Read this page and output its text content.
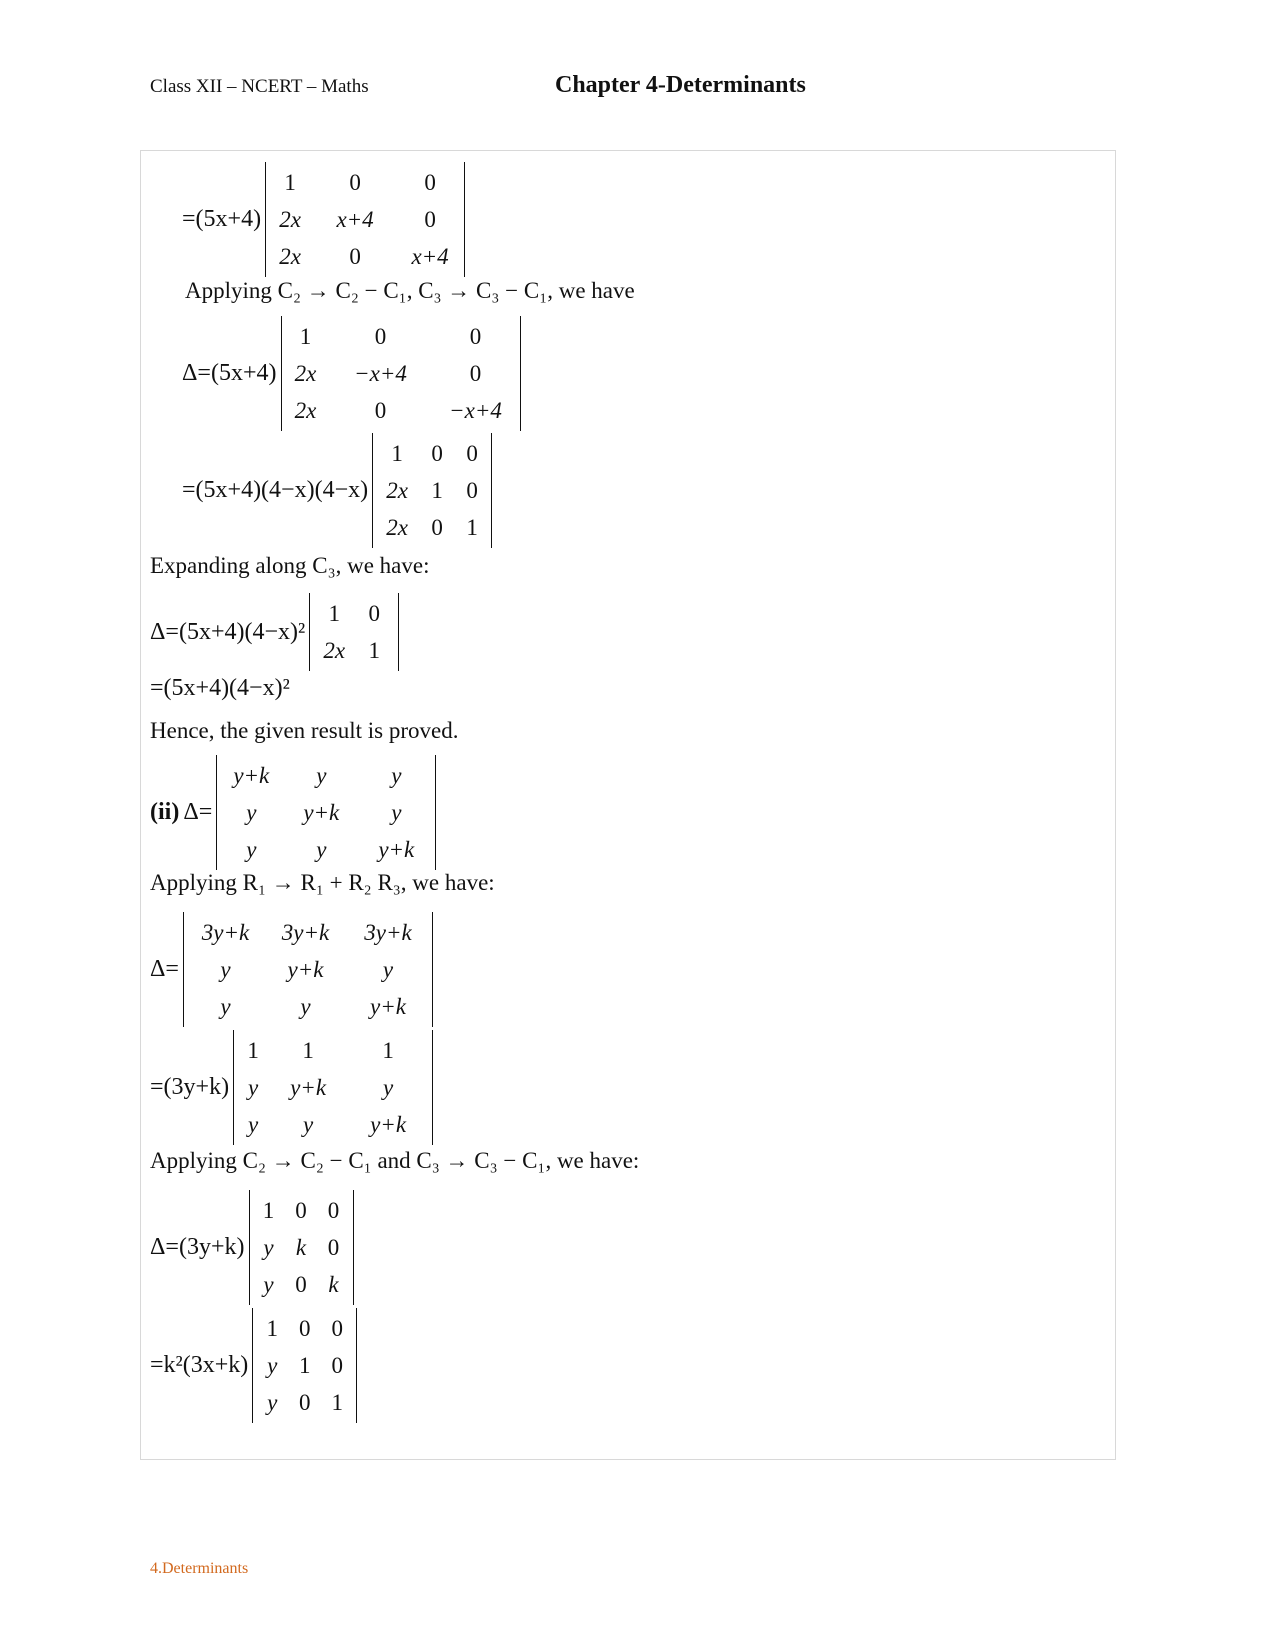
Class XII – NCERT – Maths	Chapter 4-Determinants
=(5x+4)
1	0	0
2x	x+4	0
2x	0	x+4
Applying C₂ → C₂ − C₁, C₃ → C₃ − C₁, we have
Δ=(5x+4)
1	0	0
2x	−x+4	0
2x	0	−x+4
=(5x+4)(4−x)(4−x)
1	0	0
2x	1	0
2x	0	1
Expanding along C₃, we have:
Δ=(5x+4)(4−x)²
1	0
2x	1
=(5x+4)(4−x)²
Hence, the given result is proved.
(ii) Δ=
y+k	y	y
y	y+k	y
y	y	y+k
Applying R₁ → R₁ + R₂ R₃, we have:
Δ=
3y+k	3y+k	3y+k
y	y+k	y
y	y	y+k
=(3y+k)
1	1	1
y	y+k	y
y	y	y+k
Applying C₂ → C₂ − C₁ and C₃ → C₃ − C₁, we have:
Δ=(3y+k)
1	0	0
y	k	0
y	0	k
=k²(3x+k)
1	0	0
y	1	0
y	0	1
4.Determinants
